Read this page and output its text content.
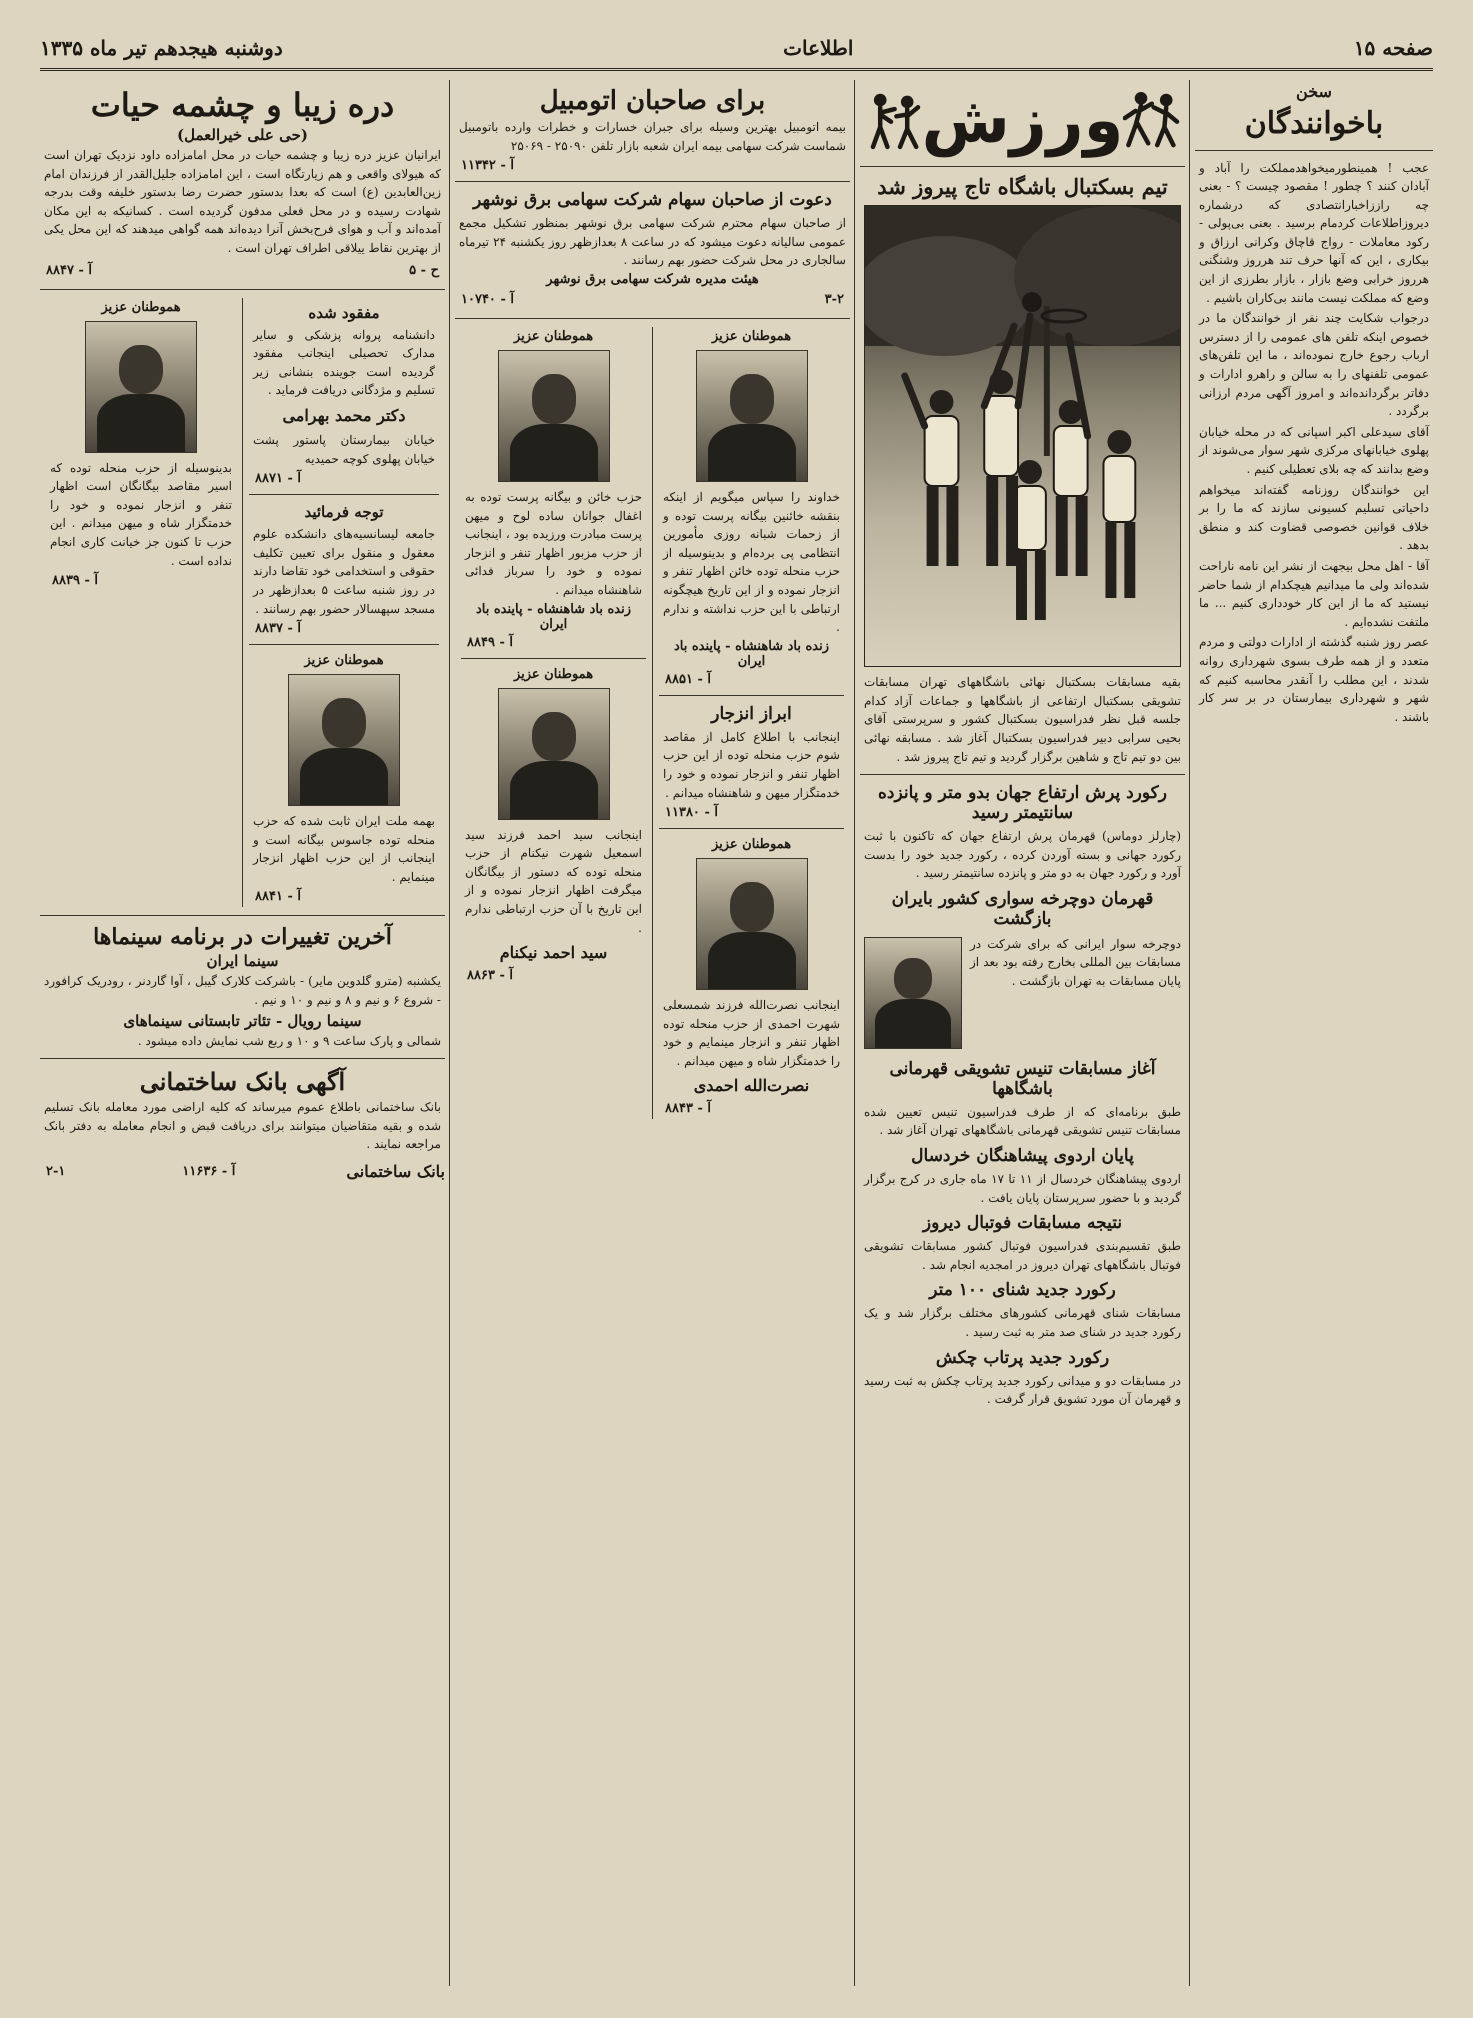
صفحه ۱۵
اطلاعات
دوشنبه هیجدهم تیر ماه ۱۳۳۵
سخن
باخوانندگان

عجب ! همینطورمیخواهدمملکت را آباد و آبادان کنند ؟ چطور ! مقصود چیست ؟ - بعنی چه راززاخبارانتصادی که درشماره دیروزاطلاعات کردمام برسید . بعنی بی‌پولی - رکود معاملات - رواج قاچاق وکرانی ارزاق و بیکاری ، این که آنها حرف تند هرروز وشنگنی هرروز خرابی وضع بازار ، بازار بطرزی از این وضع که مملکت نیست مانند بی‌کاران باشیم .

درجواب شکایت چند نفر از خوانندگان ما در خصوص اینکه تلفن های عمومی را از دسترس ارباب رجوع خارج نموده‌اند ، ما این تلفن‌های عمومی تلفنهای را به سالن و راهرو ادارات و دفاتر برگردانده‌اند و امروز آگهی مردم ارزانی برگردد .

آقای سیدعلی اکبر اسپانی که در محله خیابان پهلوی خیابانهای مرکزی شهر سوار می‌شوند از وضع بدانند که چه بلای تعطیلی کنیم .

این خوانندگان روزنامه گفته‌اند میخواهم داحیاتی تسلیم کسیونی سازند که ما را بر خلاف قوانین خصوصی قضاوت کند و منطق بدهد .

آقا - اهل محل بیجهت از نشر این نامه ناراحت شده‌اند ولی ما میدانیم هیچکدام از شما حاضر نیستید که ما از این کار خودداری کنیم ... ما ملتفت نشده‌ایم .

عصر روز شنبه گذشته از ادارات دولتی و مردم متعدد و از همه طرف بسوی شهرداری روانه شدند ، این مطلب را آنقدر محاسبه کنیم که شهر و شهرداری بیمارستان در بر سر کار باشند .

ورزش
تیم بسکتبال باشگاه تاج پیروز شد

بقیه مسابقات بسکتبال نهائی باشگاههای تهران مسابقات تشویقی بسکتبال ارتفاعی از باشگاهها و جماعات آزاد کدام جلسه قبل نظر فدراسیون بسکتبال کشور و سرپرستی آقای بحیی سرابی دبیر فدراسیون بسکتبال آغاز شد . مسابقه نهائی بین دو تیم تاج و شاهین برگزار گردید و تیم تاج پیروز شد .

رکورد پرش ارتفاع جهان بدو متر و پانزده سانتیمتر رسید

(چارلز دوماس) قهرمان پرش ارتفاع جهان که تاکنون با ثبت رکورد جهانی و بسته آوردن کرده ، رکورد جدید خود را بدست آورد و رکورد جهان به دو متر و پانزده سانتیمتر رسید .

قهرمان دوچرخه سواری کشور بایران بازگشت

دوچرخه سوار ایرانی که برای شرکت در مسابقات بین المللی بخارج رفته بود بعد از پایان مسابقات به تهران بازگشت .

آغاز مسابقات تنیس تشویقی قهرمانی باشگاهها

طبق برنامه‌ای که از طرف فدراسیون تنیس تعیین شده مسابقات تنیس تشویقی قهرمانی باشگاههای تهران آغاز شد .

پایان اردوی پیشاهنگان خردسال

اردوی پیشاهنگان خردسال از ۱۱ تا ۱۷ ماه جاری در کرج برگزار گردید و با حضور سرپرستان پایان یافت .

نتیجه مسابقات فوتبال دیروز

طبق تقسیم‌بندی فدراسیون فوتبال کشور مسابقات تشویقی فوتبال باشگاههای تهران دیروز در امجدیه انجام شد .

رکورد جدید شنای ۱۰۰ متر

مسابقات شنای قهرمانی کشورهای مختلف برگزار شد و یک رکورد جدید در شنای صد متر به ثبت رسید .

رکورد جدید پرتاب چکش

در مسابقات دو و میدانی رکورد جدید پرتاب چکش به ثبت رسید و قهرمان آن مورد تشویق قرار گرفت .

برای صاحبان اتومبیل

بیمه اتومبیل بهترین وسیله برای جبران خسارات و خطرات وارده باتومبیل شماست شرکت سهامی بیمه ایران شعبه بازار تلفن ۲۵۰۹۰ - ۲۵۰۶۹

آ - ۱۱۳۴۲
دعوت از صاحبان سهام شرکت سهامی برق نوشهر

از صاحبان سهام محترم شرکت سهامی برق نوشهر بمنظور تشکیل مجمع عمومی سالیانه دعوت میشود که در ساعت ۸ بعدازظهر روز یکشنبه ۲۴ تیرماه سالجاری در محل شرکت حضور بهم رسانند .

هیئت مدیره شرکت سهامی برق نوشهر
۳-۲
آ - ۱۰۷۴۰
هموطنان عزیز

خداوند را سپاس میگویم از اینکه بنقشه خائنین بیگانه پرست توده و از زحمات شبانه روزی مأمورین انتظامی پی برده‌ام و بدینوسیله از حزب منحله توده خائن اظهار تنفر و انزجار نموده و از این تاریخ هیچگونه ارتباطی با این حزب نداشته و ندارم .

زنده باد شاهنشاه - پاینده باد ایران
آ - ۸۸۵۱
ابراز انزجار

اینجانب با اطلاع کامل از مقاصد شوم حزب منحله توده از این حزب اظهار تنفر و انزجار نموده و خود را خدمتگزار میهن و شاهنشاه میدانم .

آ - ۱۱۳۸۰
هموطنان عزیز

اینجانب نصرت‌الله فرزند شمسعلی شهرت احمدی از حزب منحله توده اظهار تنفر و انزجار مینمایم و خود را خدمتگزار شاه و میهن میدانم .

نصرت‌الله احمدی
آ - ۸۸۴۳
هموطنان عزیز

حزب خائن و بیگانه پرست توده به اغفال جوانان ساده لوح و میهن پرست مبادرت ورزیده بود ، اینجانب از حزب مزبور اظهار تنفر و انزجار نموده و خود را سرباز فدائی شاهنشاه میدانم .

زنده باد شاهنشاه - پاینده باد ایران
آ - ۸۸۴۹
هموطنان عزیز

اینجانب سید احمد فرزند سید اسمعیل شهرت نیکنام از حزب منحله توده که دستور از بیگانگان میگرفت اظهار انزجار نموده و از این تاریخ با آن حزب ارتباطی ندارم .

سید احمد نیکنام
آ - ۸۸۶۳
دره زیبا و چشمه حیات
(حی علی خیرالعمل)

ایرانیان عزیز دره زیبا و چشمه حیات در محل امامزاده داود نزدیک تهران است که هیولای واقعی و هم زیارتگاه است ، این امامزاده جلیل‌القدر از فرزندان امام زین‌العابدین (ع) است که بعدا بدستور حضرت رضا بدستور خلیفه وقت بدرجه شهادت رسیده و در محل فعلی مدفون گردیده است . کسانیکه به این مکان آمده‌اند و آب و هوای فرح‌بخش آنرا دیده‌اند همه گواهی میدهند که این محل یکی از بهترین نقاط ییلاقی اطراف تهران است .

ح - ۵
آ - ۸۸۴۷
مفقود شده

دانشنامه پروانه پزشکی و سایر مدارک تحصیلی اینجانب مفقود گردیده است جوینده بنشانی زیر تسلیم و مژدگانی دریافت فرماید .

دکتر محمد بهرامی

خیابان بیمارستان پاستور پشت خیابان پهلوی کوچه حمیدیه

آ - ۸۸۷۱
توجه فرمائید

جامعه لیسانسیه‌های دانشکده علوم معقول و منقول برای تعیین تکلیف حقوقی و استخدامی خود تقاضا دارند در روز شنبه ساعت ۵ بعدازظهر در مسجد سپهسالار حضور بهم رسانند .

آ - ۸۸۳۷
هموطنان عزیز

بهمه ملت ایران ثابت شده که حزب منحله توده جاسوس بیگانه است و اینجانب از این حزب اظهار انزجار مینمایم .

آ - ۸۸۴۱
هموطنان عزیز

بدینوسیله از حزب منحله توده که اسیر مقاصد بیگانگان است اظهار تنفر و انزجار نموده و خود را خدمتگزار شاه و میهن میدانم . این حزب تا کنون جز خیانت کاری انجام نداده است .

آ - ۸۸۳۹
آخرین تغییرات در برنامه سینماها
سینما ایران

یکشنبه (مترو گلدوین مایر) - باشرکت کلارک گیبل ، آوا گاردنر ، رودریک کرافورد - شروع ۶ و نیم و ۸ و نیم و ۱۰ و نیم .

سینما رویال - تئاتر تابستانی سینماهای

شمالی و پارک ساعت ۹ و ۱۰ و ربع شب نمایش داده میشود .

آگهی بانک ساختمانی

بانک ساختمانی باطلاع عموم میرساند که کلیه اراضی مورد معامله بانک تسلیم شده و بقیه متقاضیان میتوانند برای دریافت قبض و انجام معامله به دفتر بانک مراجعه نمایند .

بانک ساختمانی
آ - ۱۱۶۳۶
۲-۱
